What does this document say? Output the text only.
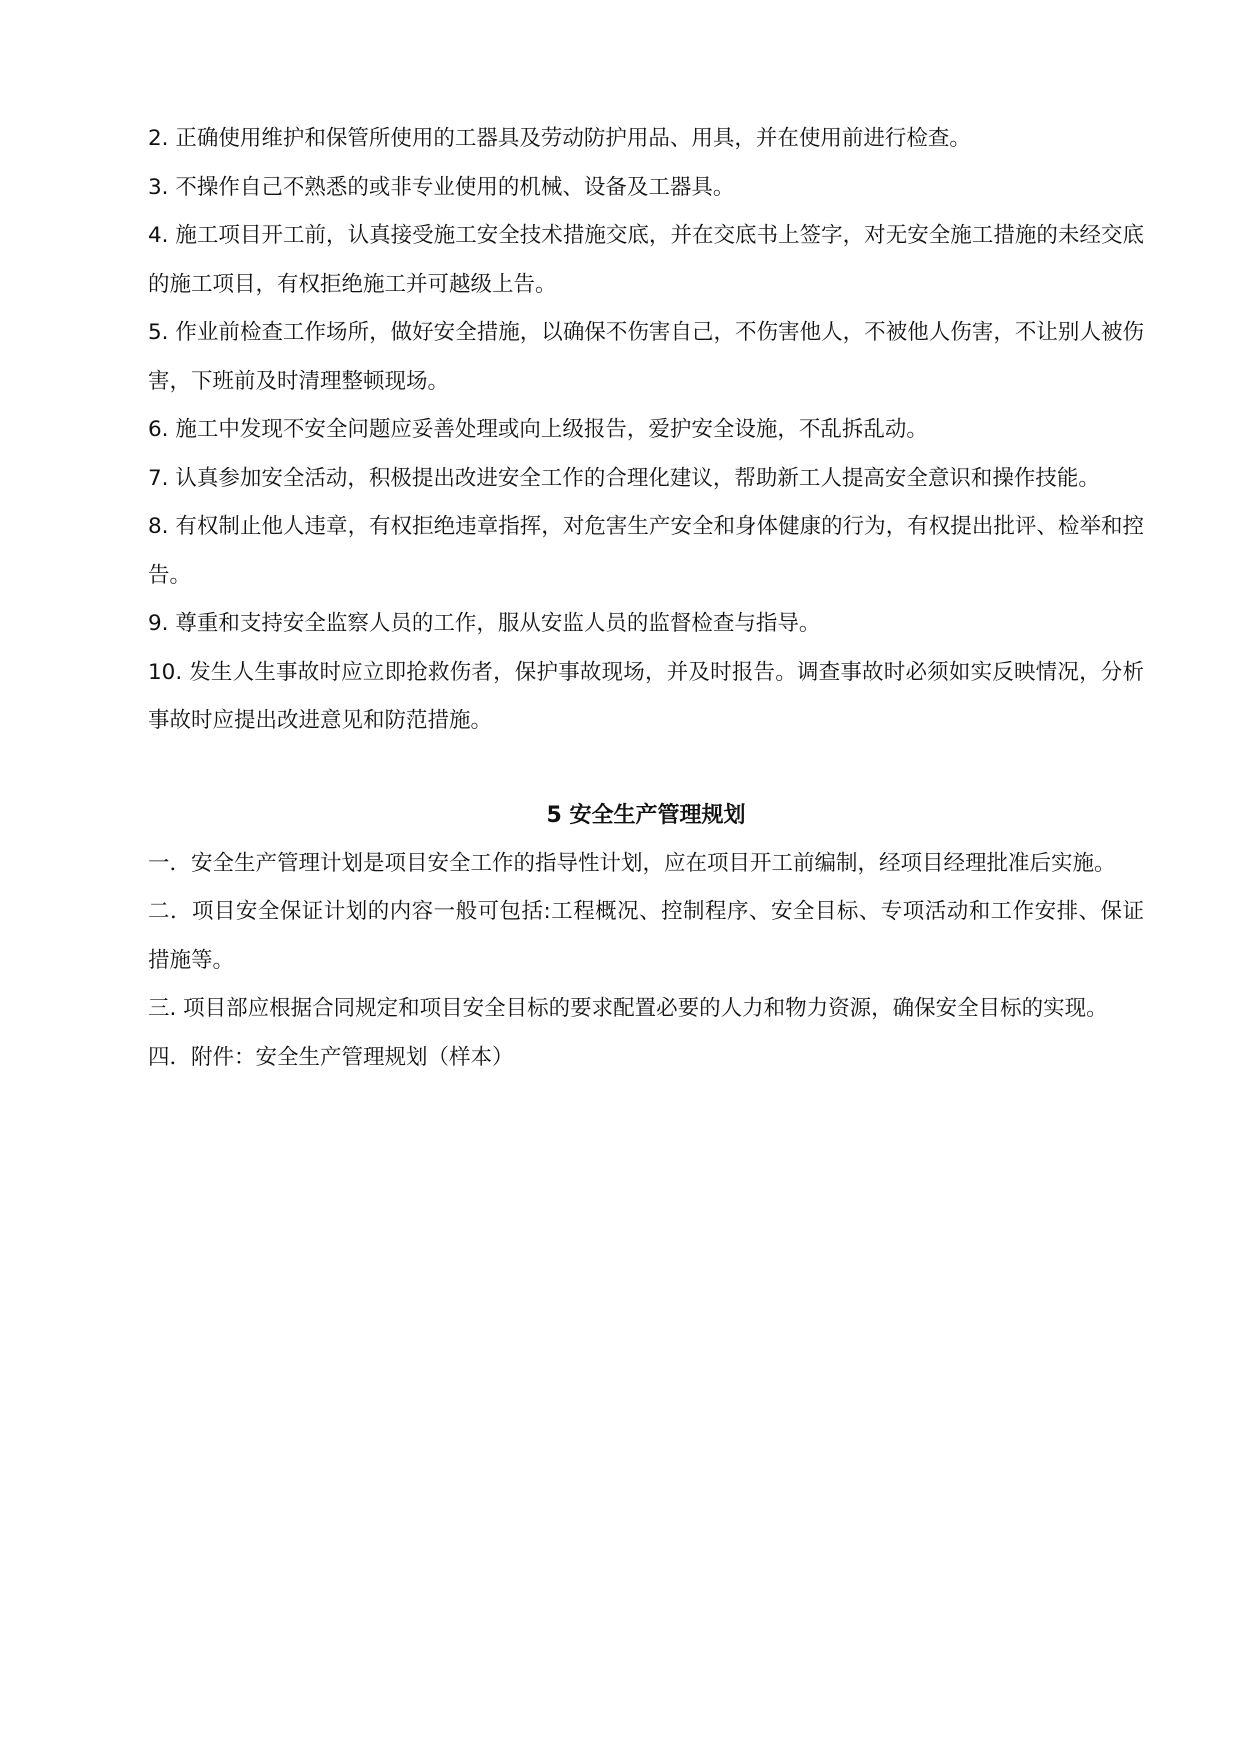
2. 正确使用维护和保管所使用的工器具及劳动防护用品、用具，并在使用前进行检查。

3. 不操作自己不熟悉的或非专业使用的机械、设备及工器具。

4. 施工项目开工前，认真接受施工安全技术措施交底，并在交底书上签字，对无安全施工措施的未经交底的施工项目，有权拒绝施工并可越级上告。

5. 作业前检查工作场所，做好安全措施，以确保不伤害自己，不伤害他人，不被他人伤害，不让别人被伤害，下班前及时清理整顿现场。

6. 施工中发现不安全问题应妥善处理或向上级报告，爱护安全设施，不乱拆乱动。

7. 认真参加安全活动，积极提出改进安全工作的合理化建议，帮助新工人提高安全意识和操作技能。

8. 有权制止他人违章，有权拒绝违章指挥，对危害生产安全和身体健康的行为，有权提出批评、检举和控告。

9. 尊重和支持安全监察人员的工作，服从安监人员的监督检查与指导。

10. 发生人生事故时应立即抢救伤者，保护事故现场，并及时报告。调查事故时必须如实反映情况，分析事故时应提出改进意见和防范措施。

5 安全生产管理规划

一．安全生产管理计划是项目安全工作的指导性计划，应在项目开工前编制，经项目经理批准后实施。

二．项目安全保证计划的内容一般可包括:工程概况、控制程序、安全目标、专项活动和工作安排、保证措施等。

三. 项目部应根据合同规定和项目安全目标的要求配置必要的人力和物力资源，确保安全目标的实现。

四．附件：安全生产管理规划（样本）
